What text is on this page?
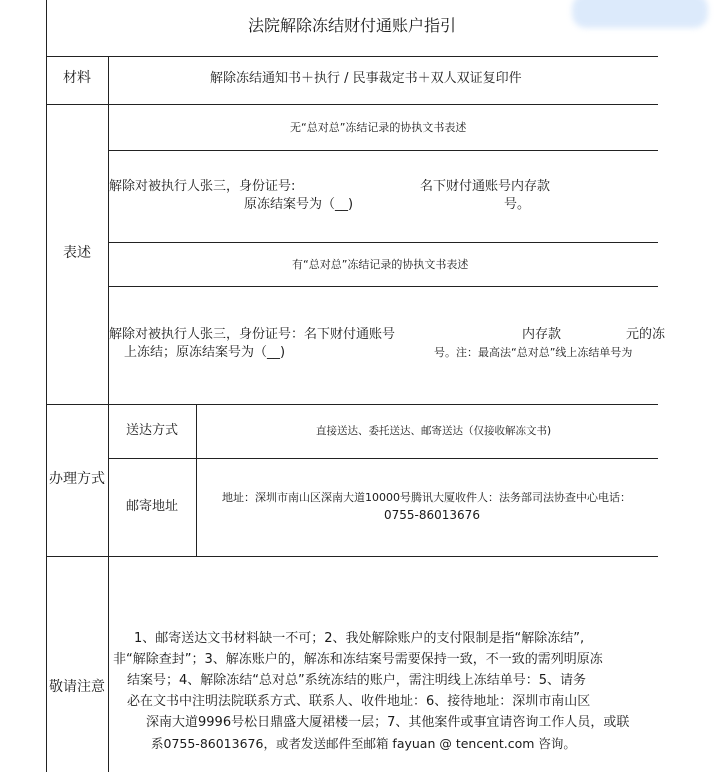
法院解除冻结财付通账户指引
材料	解除冻结通知书＋执行 / 民事裁定书＋双人双证复印件
表述
无“总对总”冻结记录的协执文书表述
解除对被执行人张三，身份证号:	名下财付通账号内存款
原冻结案号为（__)	号。
有“总对总”冻结记录的协执文书表述
解除对被执行人张三，身份证号：名下财付通账号	内存款	元的冻
上冻结；原冻结案号为（__)	号。注：最高法“总对总”线上冻结单号为
办理方式
送达方式	直接送达、委托送达、邮寄送达（仅接收解冻文书)
邮寄地址
地址：深圳市南山区深南大道10000号腾讯大厦收件人：法务部司法协查中心电话：
0755-86013676
敬请注意
1、邮寄送达文书材料缺一不可；2、我处解除账户的支付限制是指“解除冻结”,
非“解除查封”；3、解冻账户的，解冻和冻结案号需要保持一致，不一致的需列明原冻
结案号；4、解除冻结“总对总”系统冻结的账户，需注明线上冻结单号：5、请务
必在文书中注明法院联系方式、联系人、收件地址：6、接待地址：深圳市南山区
深南大道9996号松日鼎盛大厦裙楼一层；7、其他案件或事宜请咨询工作人员，或联
系0755-86013676，或者发送邮件至邮箱 fayuan @ tencent.com 咨询。
